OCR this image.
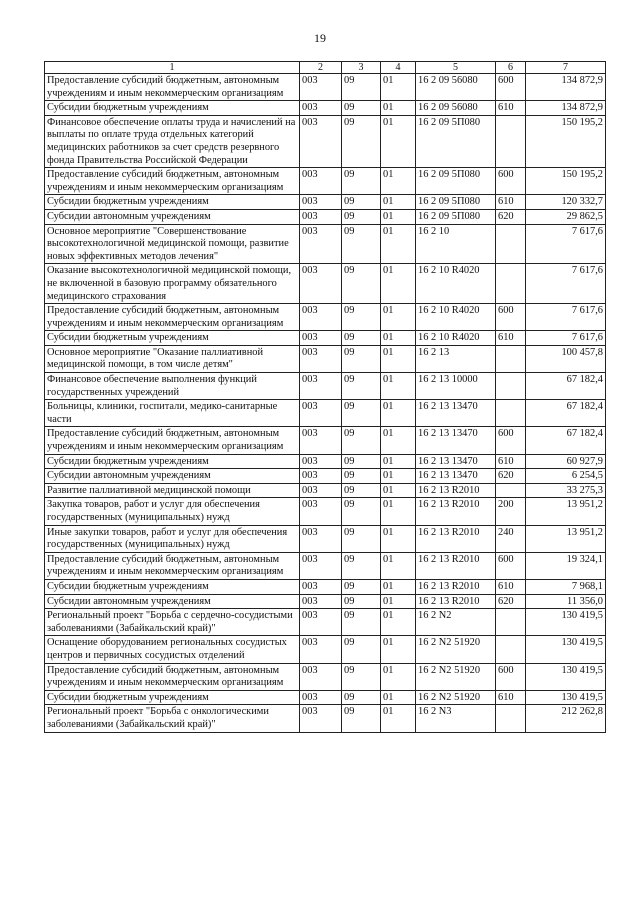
19
1	2	3	4	5	6	7
Предоставление субсидий бюджетным, автономным учреждениям и иным некоммерческим организациям	003	09	01	16 2 09 56080	600	134 872,9
Субсидии бюджетным учреждениям	003	09	01	16 2 09 56080	610	134 872,9
Финансовое обеспечение оплаты труда и начислений на выплаты по оплате труда отдельных категорий медицинских работников за счет средств резервного фонда Правительства Российской Федерации	003	09	01	16 2 09 5П080		150 195,2
Предоставление субсидий бюджетным, автономным учреждениям и иным некоммерческим организациям	003	09	01	16 2 09 5П080	600	150 195,2
Субсидии бюджетным учреждениям	003	09	01	16 2 09 5П080	610	120 332,7
Субсидии автономным учреждениям	003	09	01	16 2 09 5П080	620	29 862,5
Основное мероприятие "Совершенствование высокотехнологичной медицинской помощи, развитие новых эффективных методов лечения"	003	09	01	16 2 10		7 617,6
Оказание высокотехнологичной медицинской помощи, не включенной в базовую программу обязательного медицинского страхования	003	09	01	16 2 10 R4020		7 617,6
Предоставление субсидий бюджетным, автономным учреждениям и иным некоммерческим организациям	003	09	01	16 2 10 R4020	600	7 617,6
Субсидии бюджетным учреждениям	003	09	01	16 2 10 R4020	610	7 617,6
Основное мероприятие "Оказание паллиативной медицинской помощи, в том числе детям"	003	09	01	16 2 13		100 457,8
Финансовое обеспечение выполнения функций государственных учреждений	003	09	01	16 2 13 10000		67 182,4
Больницы, клиники, госпитали, медико-санитарные части	003	09	01	16 2 13 13470		67 182,4
Предоставление субсидий бюджетным, автономным учреждениям и иным некоммерческим организациям	003	09	01	16 2 13 13470	600	67 182,4
Субсидии бюджетным учреждениям	003	09	01	16 2 13 13470	610	60 927,9
Субсидии автономным учреждениям	003	09	01	16 2 13 13470	620	6 254,5
Развитие паллиативной медицинской помощи	003	09	01	16 2 13 R2010		33 275,3
Закупка товаров, работ и услуг для обеспечения государственных (муниципальных) нужд	003	09	01	16 2 13 R2010	200	13 951,2
Иные закупки товаров, работ и услуг для обеспечения государственных (муниципальных) нужд	003	09	01	16 2 13 R2010	240	13 951,2
Предоставление субсидий бюджетным, автономным учреждениям и иным некоммерческим организациям	003	09	01	16 2 13 R2010	600	19 324,1
Субсидии бюджетным учреждениям	003	09	01	16 2 13 R2010	610	7 968,1
Субсидии автономным учреждениям	003	09	01	16 2 13 R2010	620	11 356,0
Региональный проект "Борьба с сердечно-сосудистыми заболеваниями (Забайкальский край)"	003	09	01	16 2 N2		130 419,5
Оснащение оборудованием региональных сосудистых центров и первичных сосудистых отделений	003	09	01	16 2 N2 51920		130 419,5
Предоставление субсидий бюджетным, автономным учреждениям и иным некоммерческим организациям	003	09	01	16 2 N2 51920	600	130 419,5
Субсидии бюджетным учреждениям	003	09	01	16 2 N2 51920	610	130 419,5
Региональный проект "Борьба с онкологическими заболеваниями (Забайкальский край)"	003	09	01	16 2 N3		212 262,8
